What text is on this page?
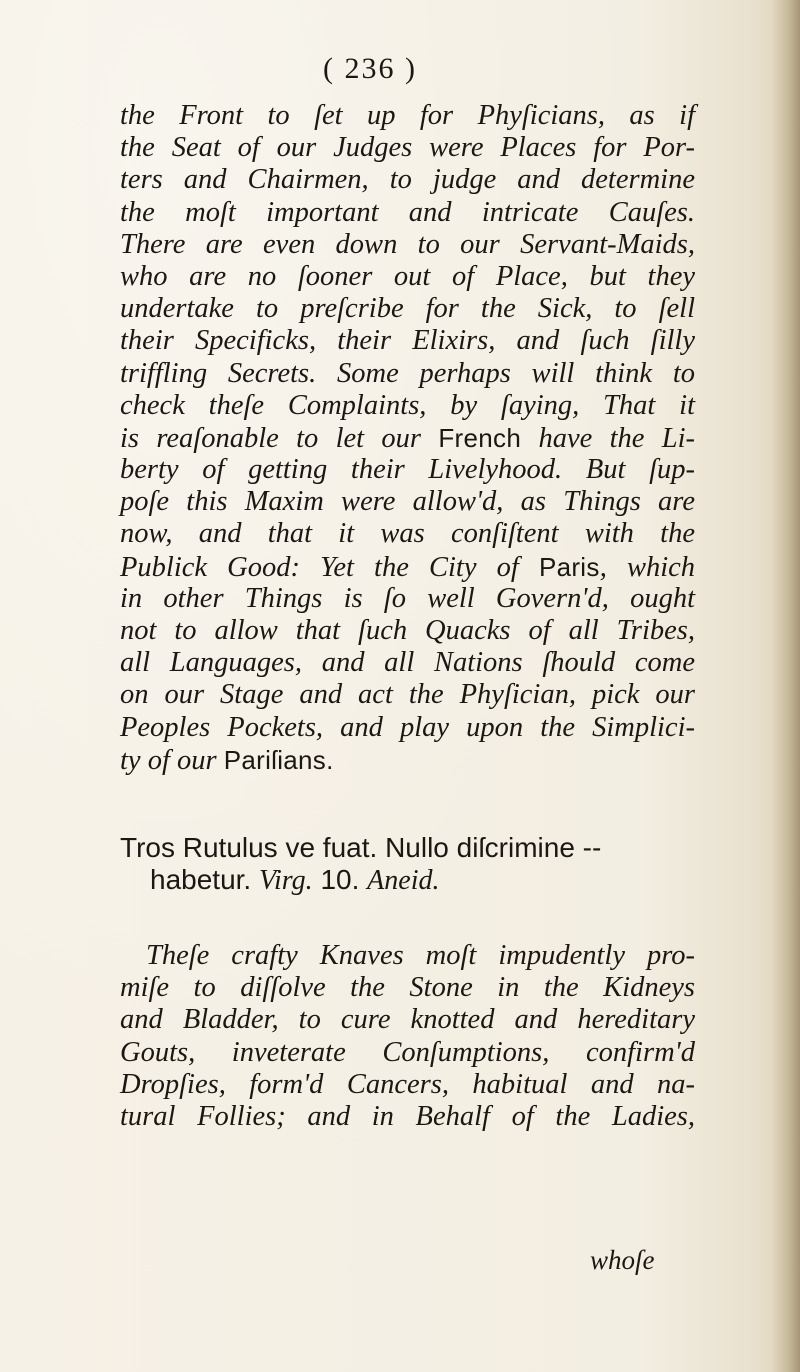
( 236 )
the Front to ſet up for Phyſicians, as if
the Seat of our Judges were Places for Por-
ters and Chairmen, to judge and determine
the moſt important and intricate Cauſes.
There are even down to our Servant-Maids,
who are no ſooner out of Place, but they
undertake to preſcribe for the Sick, to ſell
their Specificks, their Elixirs, and ſuch ſilly
triffling Secrets. Some perhaps will think to
check theſe Complaints, by ſaying, That it
is reaſonable to let our French have the Li-
berty of getting their Livelyhood. But ſup-
poſe this Maxim were allow'd, as Things are
now, and that it was conſiſtent with the
Publick Good: Yet the City of Paris, which
in other Things is ſo well Govern'd, ought
not to allow that ſuch Quacks of all Tribes,
all Languages, and all Nations ſhould come
on our Stage and act the Phyſician, pick our
Peoples Pockets, and play upon the Simplici-
ty of our Pariſians.
Tros Rutulus ve fuat. Nullo diſcrimine --
habetur. Virg. 10. Aneid.
Theſe crafty Knaves moſt impudently pro-
miſe to diſſolve the Stone in the Kidneys
and Bladder, to cure knotted and hereditary
Gouts, inveterate Conſumptions, confirm'd
Dropſies, form'd Cancers, habitual and na-
tural Follies; and in Behalf of the Ladies,
whoſe
